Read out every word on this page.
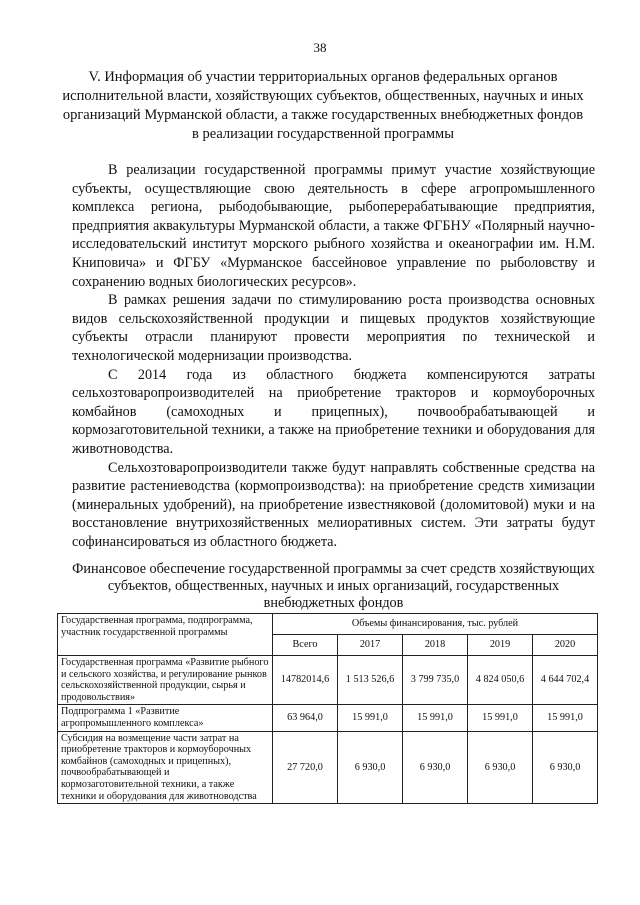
38
V. Информация об участии территориальных органов федеральных органов исполнительной власти, хозяйствующих субъектов, общественных, научных и иных организаций Мурманской области, а также государственных внебюджетных фондов в реализации государственной программы

В реализации государственной программы примут участие хозяйствующие субъекты, осуществляющие свою деятельность в сфере агропромышленного комплекса региона, рыбодобывающие, рыбоперерабатывающие предприятия, предприятия аквакультуры Мурманской области, а также ФГБНУ «Полярный научно-исследовательский институт морского рыбного хозяйства и океанографии им. Н.М. Книповича» и ФГБУ «Мурманское бассейновое управление по рыболовству и сохранению водных биологических ресурсов».

В рамках решения задачи по стимулированию роста производства основных видов сельскохозяйственной продукции и пищевых продуктов хозяйствующие субъекты отрасли планируют провести мероприятия по технической и технологической модернизации производства.

С 2014 года из областного бюджета компенсируются затраты сельхозтоваропроизводителей на приобретение тракторов и кормоуборочных комбайнов (самоходных и прицепных), почвообрабатывающей и кормозаготовительной техники, а также на приобретение техники и оборудования для животноводства.

Сельхозтоваропроизводители также будут направлять собственные средства на развитие растениеводства (кормопроизводства): на приобретение средств химизации (минеральных удобрений), на приобретение известняковой (доломитовой) муки и на восстановление внутрихозяйственных мелиоративных систем. Эти затраты будут софинансироваться из областного бюджета.

Финансовое обеспечение государственной программы за счет средств хозяйствующих субъектов, общественных, научных и иных организаций, государственных внебюджетных фондов
Государственная программа, подпрограмма, участник государственной программы	Объемы финансирования, тыс. рублей				
	Всего	2017	2018	2019	2020
Государственная программа «Развитие рыбного и сельского хозяйства, и регулирование рынков сельскохозяйственной продукции, сырья и продовольствия»	14782014,6	1 513 526,6	3 799 735,0	4 824 050,6	4 644 702,4
Подпрограмма 1 «Развитие агропромышленного комплекса»	63 964,0	15 991,0	15 991,0	15 991,0	15 991,0
Субсидия на возмещение части затрат на приобретение тракторов и кормоуборочных комбайнов (самоходных и прицепных), почвообрабатывающей и кормозаготовительной техники, а также техники и оборудования для животноводства	27 720,0	6 930,0	6 930,0	6 930,0	6 930,0
